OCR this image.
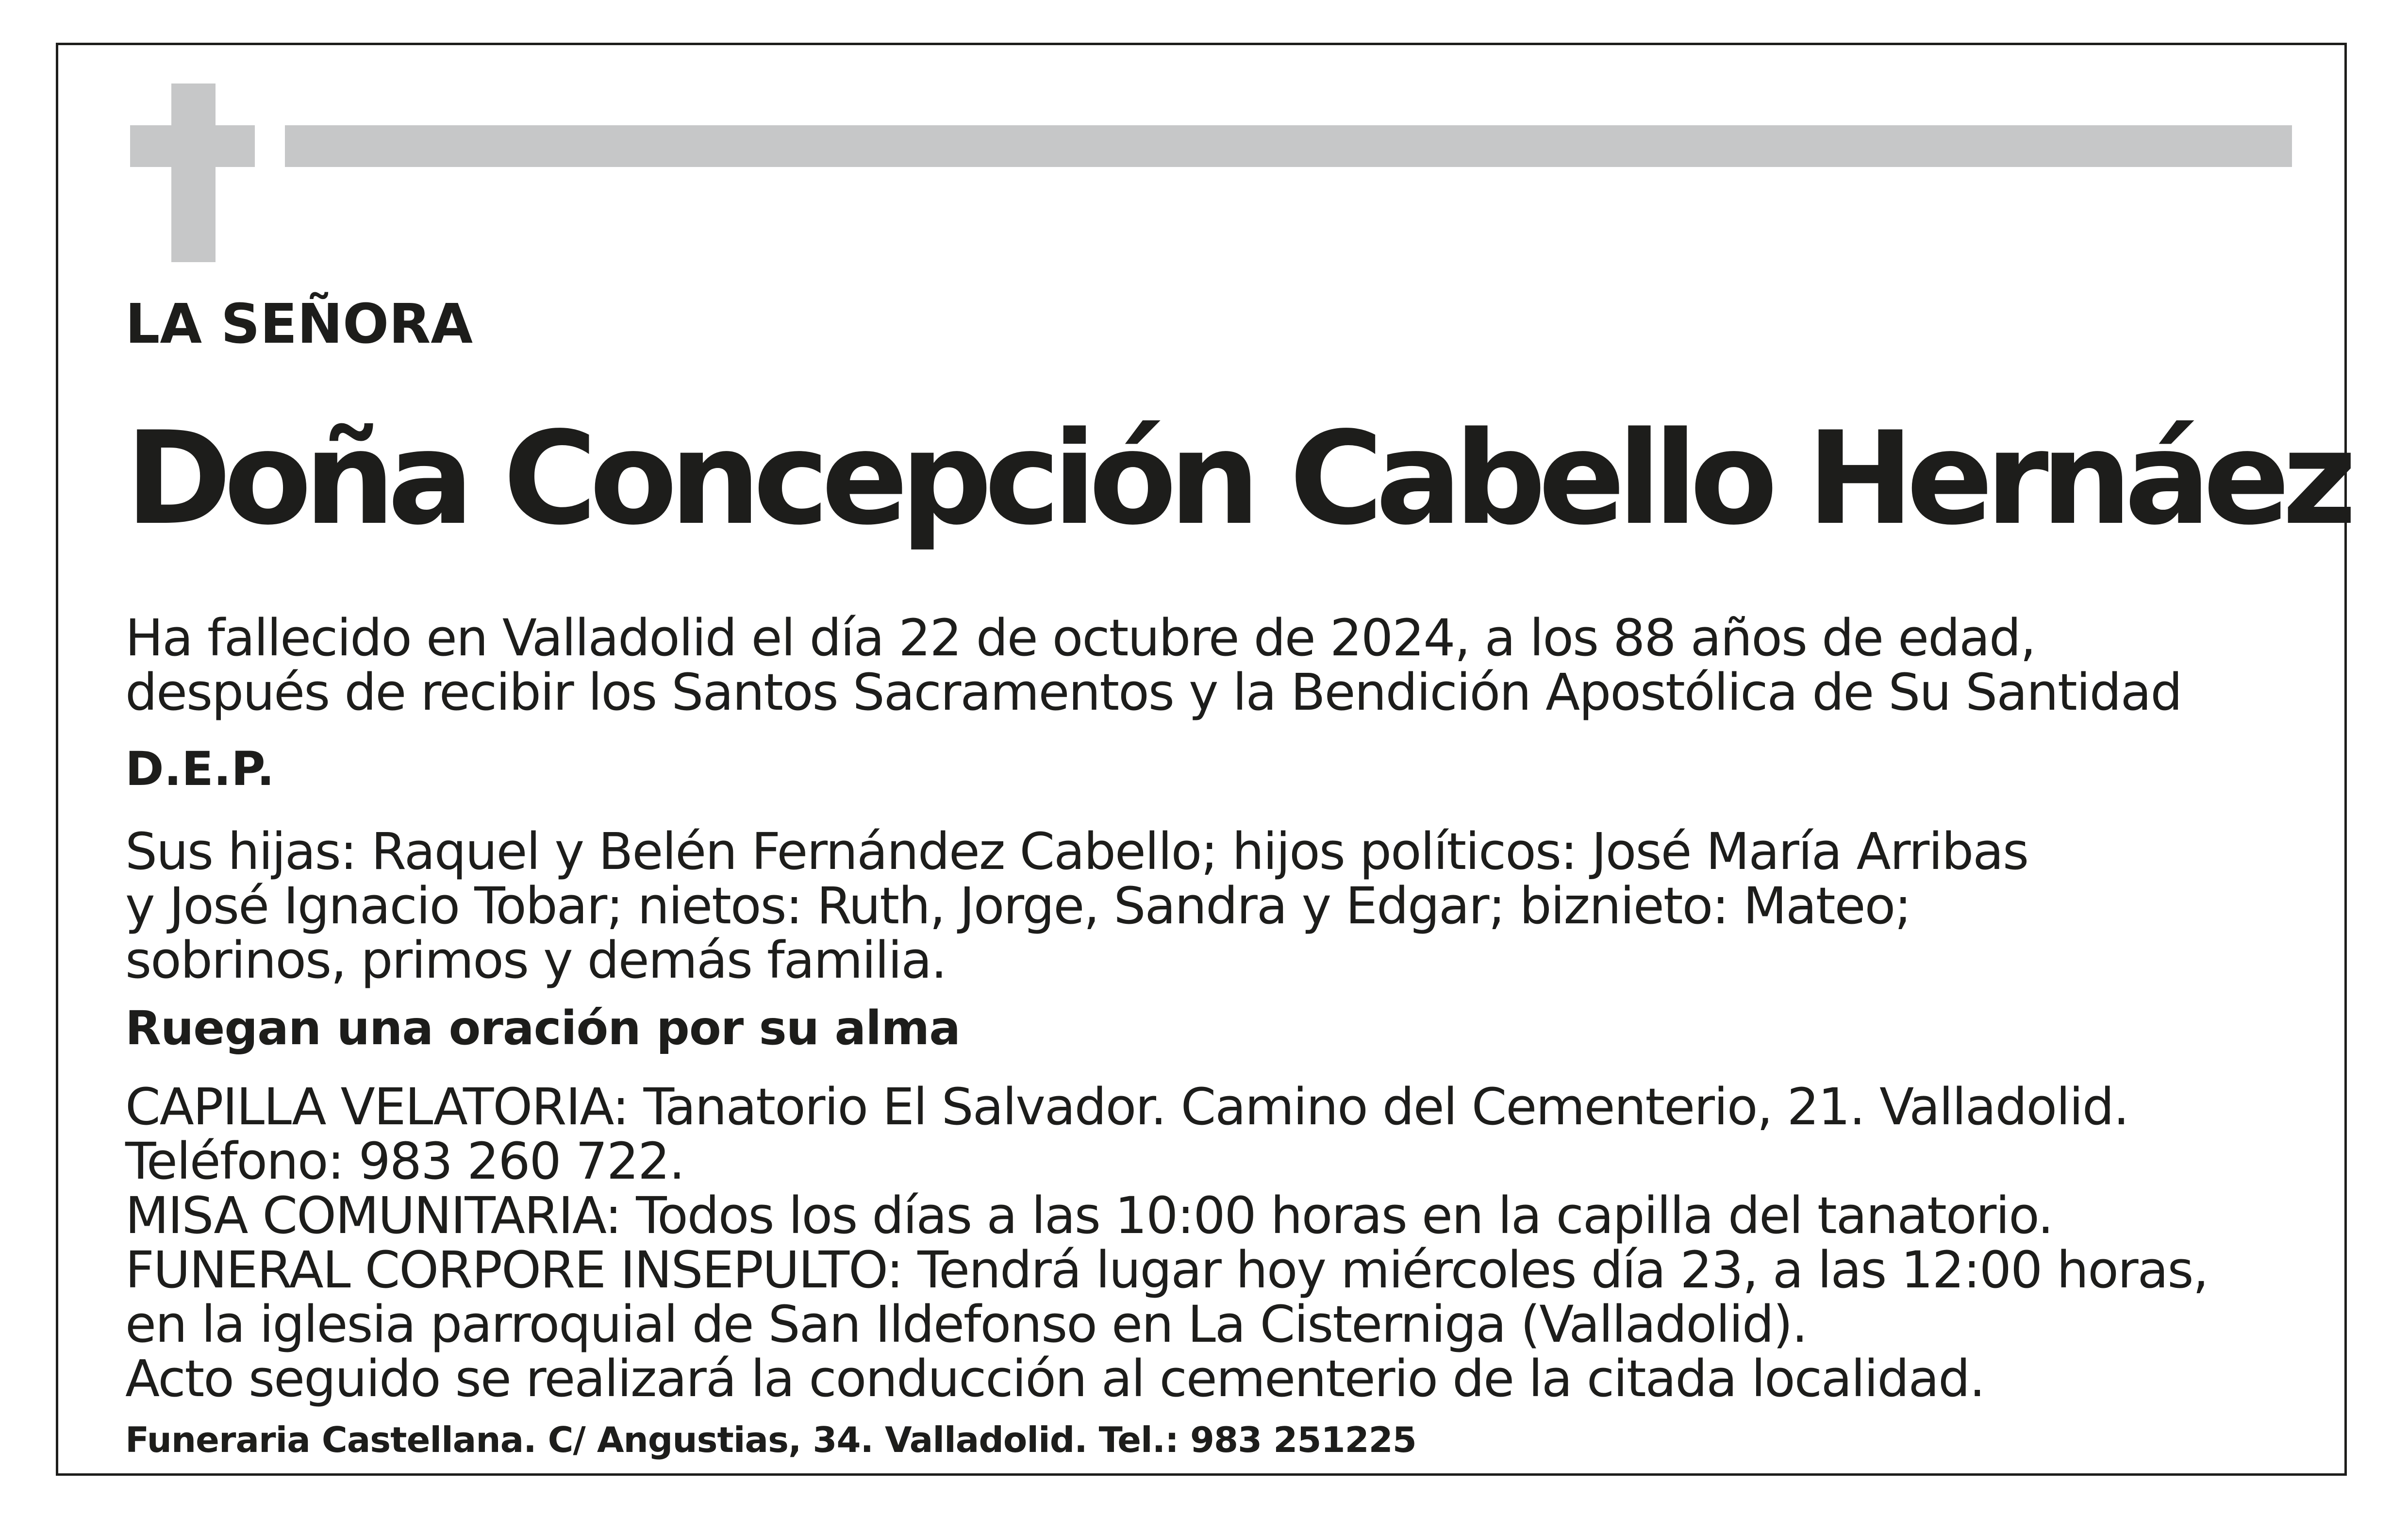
LA SEÑORA

Doña Concepción Cabello Hernáez
Ha fallecido en Valladolid el día 22 de octubre de 2024, a los 88 años de edad,
después de recibir los Santos Sacramentos y la Bendición Apostólica de Su Santidad

D.E.P.

Sus hijas: Raquel y Belén Fernández Cabello; hijos políticos: José María Arribas
y José Ignacio Tobar; nietos: Ruth, Jorge, Sandra y Edgar; biznieto: Mateo;
sobrinos, primos y demás familia.

Ruegan una oración por su alma

CAPILLA VELATORIA: Tanatorio El Salvador. Camino del Cementerio, 21. Valladolid.
Teléfono: 983 260 722.
MISA COMUNITARIA: Todos los días a las 10:00 horas en la capilla del tanatorio.
FUNERAL CORPORE INSEPULTO: Tendrá lugar hoy miércoles día 23, a las 12:00 horas,
en la iglesia parroquial de San Ildefonso en La Cisterniga (Valladolid).
Acto seguido se realizará la conducción al cementerio de la citada localidad.

Funeraria Castellana. C/ Angustias, 34. Valladolid. Tel.: 983 251225
